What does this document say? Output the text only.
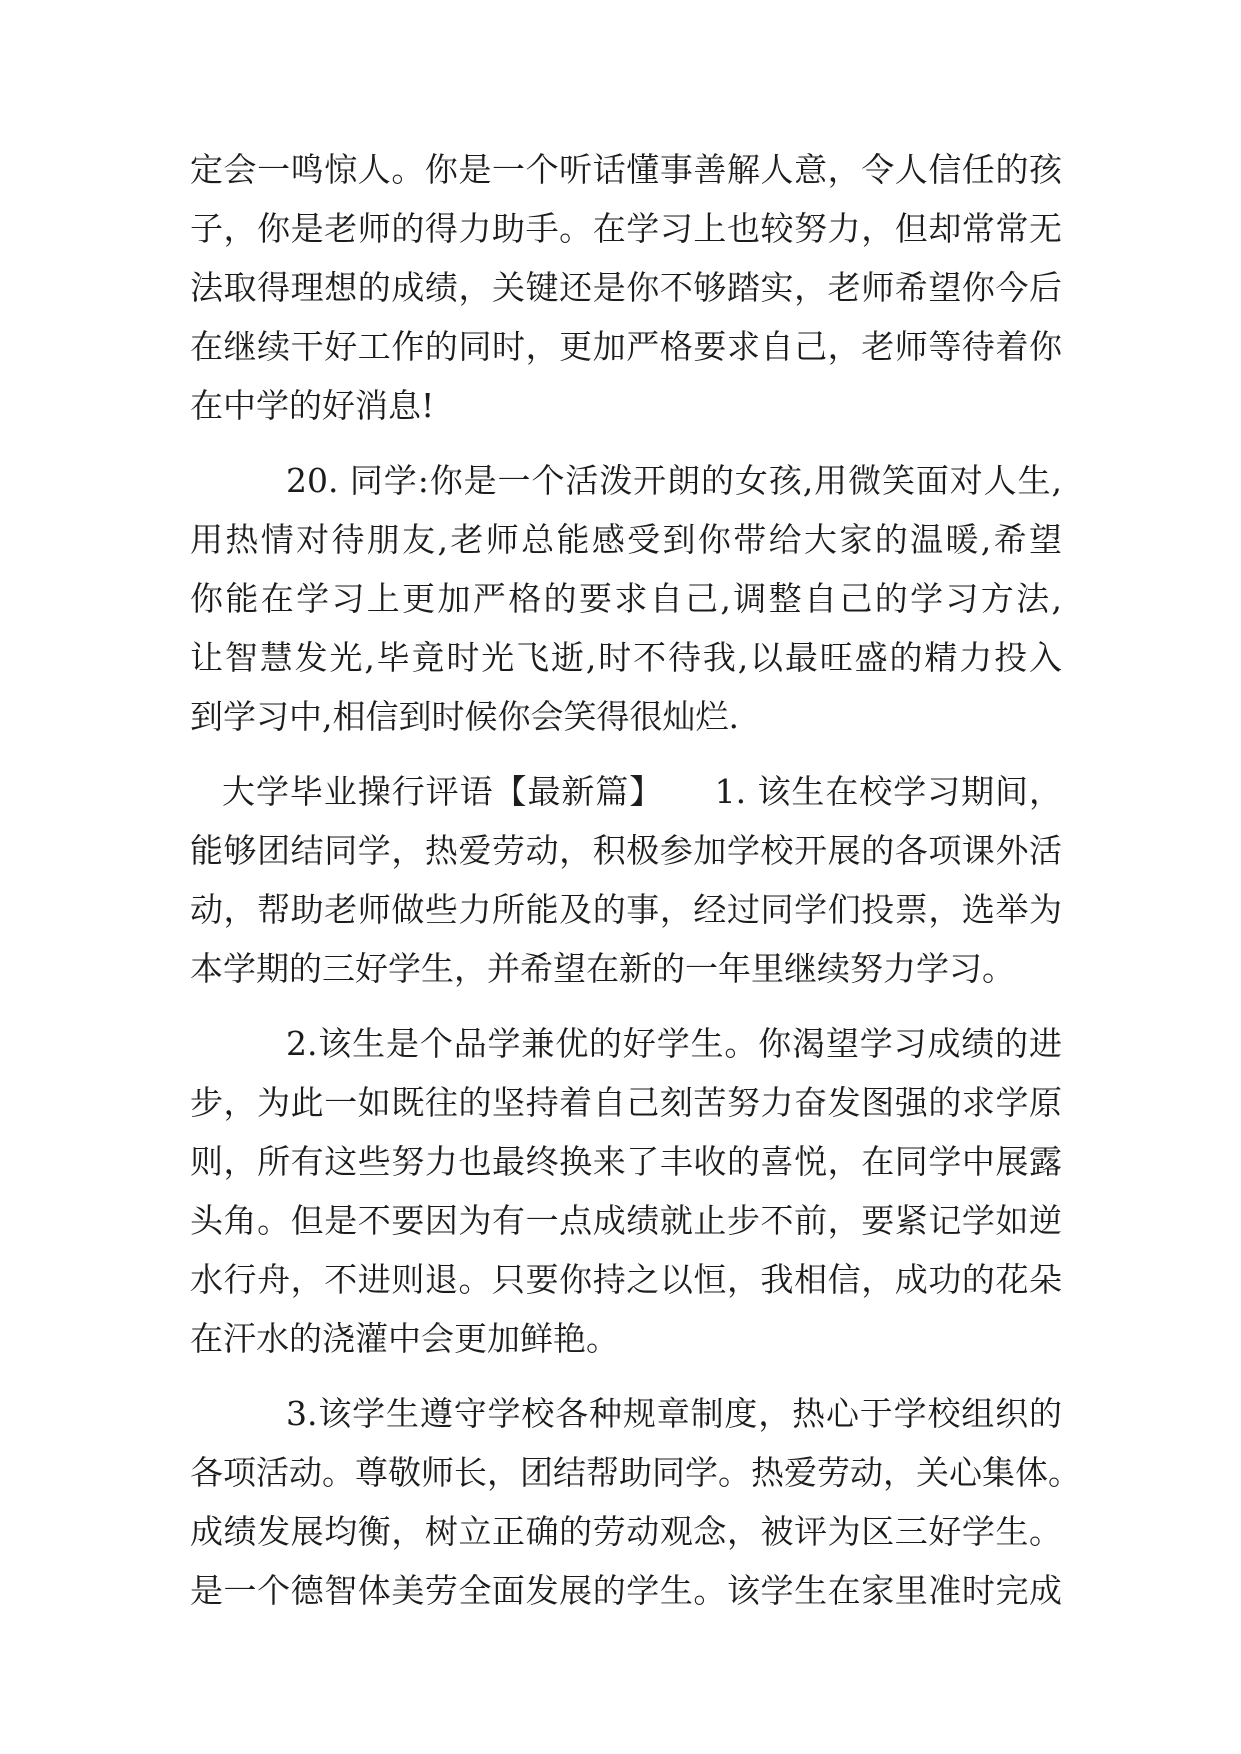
定会一鸣惊人。你是一个听话懂事善解人意，令人信任的孩
子，你是老师的得力助手。在学习上也较努力，但却常常无
法取得理想的成绩，关键还是你不够踏实，老师希望你今后
在继续干好工作的同时，更加严格要求自己，老师等待着你
在中学的好消息!
20. 同学:你是一个活泼开朗的女孩,用微笑面对人生,
用热情对待朋友,老师总能感受到你带给大家的温暖,希望
你能在学习上更加严格的要求自己,调整自己的学习方法,
让智慧发光,毕竟时光飞逝,时不待我,以最旺盛的精力投入
到学习中,相信到时候你会笑得很灿烂.
大学毕业操行评语【最新篇】　　1. 该生在校学习期间，
能够团结同学，热爱劳动，积极参加学校开展的各项课外活
动，帮助老师做些力所能及的事，经过同学们投票，选举为
本学期的三好学生，并希望在新的一年里继续努力学习。
2.该生是个品学兼优的好学生。你渴望学习成绩的进
步，为此一如既往的坚持着自己刻苦努力奋发图强的求学原
则，所有这些努力也最终换来了丰收的喜悦，在同学中展露
头角。但是不要因为有一点成绩就止步不前，要紧记学如逆
水行舟，不进则退。只要你持之以恒，我相信，成功的花朵
在汗水的浇灌中会更加鲜艳。
3.该学生遵守学校各种规章制度，热心于学校组织的
各项活动。尊敬师长，团结帮助同学。热爱劳动，关心集体。
成绩发展均衡，树立正确的劳动观念，被评为区三好学生。
是一个德智体美劳全面发展的学生。该学生在家里准时完成
